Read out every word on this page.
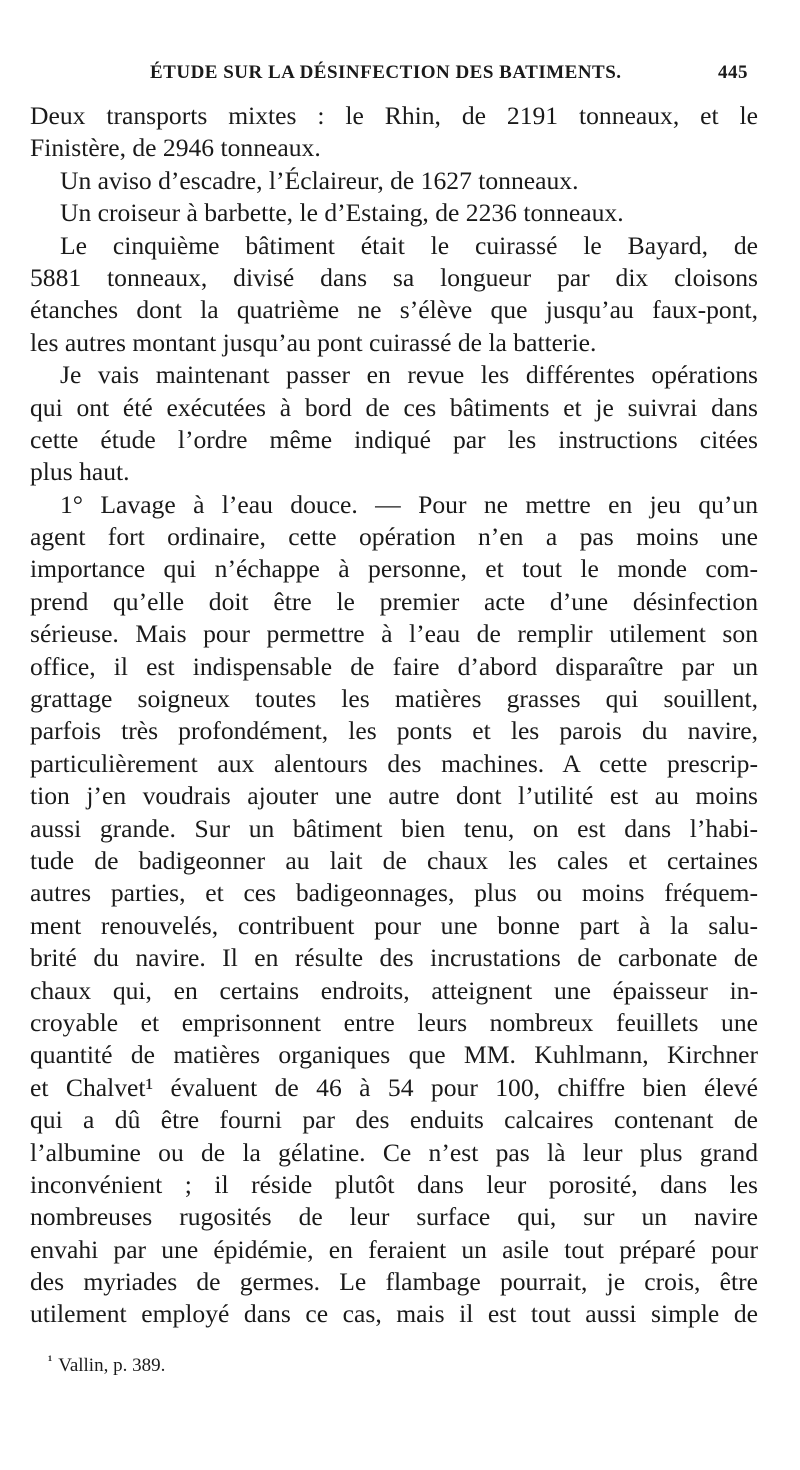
ÉTUDE SUR LA DÉSINFECTION DES BATIMENTS.	445
Deux transports mixtes : le Rhin, de 2191 tonneaux, et le
Finistère, de 2946 tonneaux.
Un aviso d’escadre, l’Éclaireur, de 1627 tonneaux.
Un croiseur à barbette, le d’Estaing, de 2236 tonneaux.
Le cinquième bâtiment était le cuirassé le Bayard, de
5881 tonneaux, divisé dans sa longueur par dix cloisons
étanches dont la quatrième ne s’élève que jusqu’au faux-pont,
les autres montant jusqu’au pont cuirassé de la batterie.
Je vais maintenant passer en revue les différentes opérations
qui ont été exécutées à bord de ces bâtiments et je suivrai dans
cette étude l’ordre même indiqué par les instructions citées
plus haut.
1° Lavage à l’eau douce. — Pour ne mettre en jeu qu’un
agent fort ordinaire, cette opération n’en a pas moins une
importance qui n’échappe à personne, et tout le monde com-
prend qu’elle doit être le premier acte d’une désinfection
sérieuse. Mais pour permettre à l’eau de remplir utilement son
office, il est indispensable de faire d’abord disparaître par un
grattage soigneux toutes les matières grasses qui souillent,
parfois très profondément, les ponts et les parois du navire,
particulièrement aux alentours des machines. A cette prescrip-
tion j’en voudrais ajouter une autre dont l’utilité est au moins
aussi grande. Sur un bâtiment bien tenu, on est dans l’habi-
tude de badigeonner au lait de chaux les cales et certaines
autres parties, et ces badigeonnages, plus ou moins fréquem-
ment renouvelés, contribuent pour une bonne part à la salu-
brité du navire. Il en résulte des incrustations de carbonate de
chaux qui, en certains endroits, atteignent une épaisseur in-
croyable et emprisonnent entre leurs nombreux feuillets une
quantité de matières organiques que MM. Kuhlmann, Kirchner
et Chalvet¹ évaluent de 46 à 54 pour 100, chiffre bien élevé
qui a dû être fourni par des enduits calcaires contenant de
l’albumine ou de la gélatine. Ce n’est pas là leur plus grand
inconvénient ; il réside plutôt dans leur porosité, dans les
nombreuses rugosités de leur surface qui, sur un navire
envahi par une épidémie, en feraient un asile tout préparé pour
des myriades de germes. Le flambage pourrait, je crois, être
utilement employé dans ce cas, mais il est tout aussi simple de
$^{^1}$ Vallin, p. 389.
